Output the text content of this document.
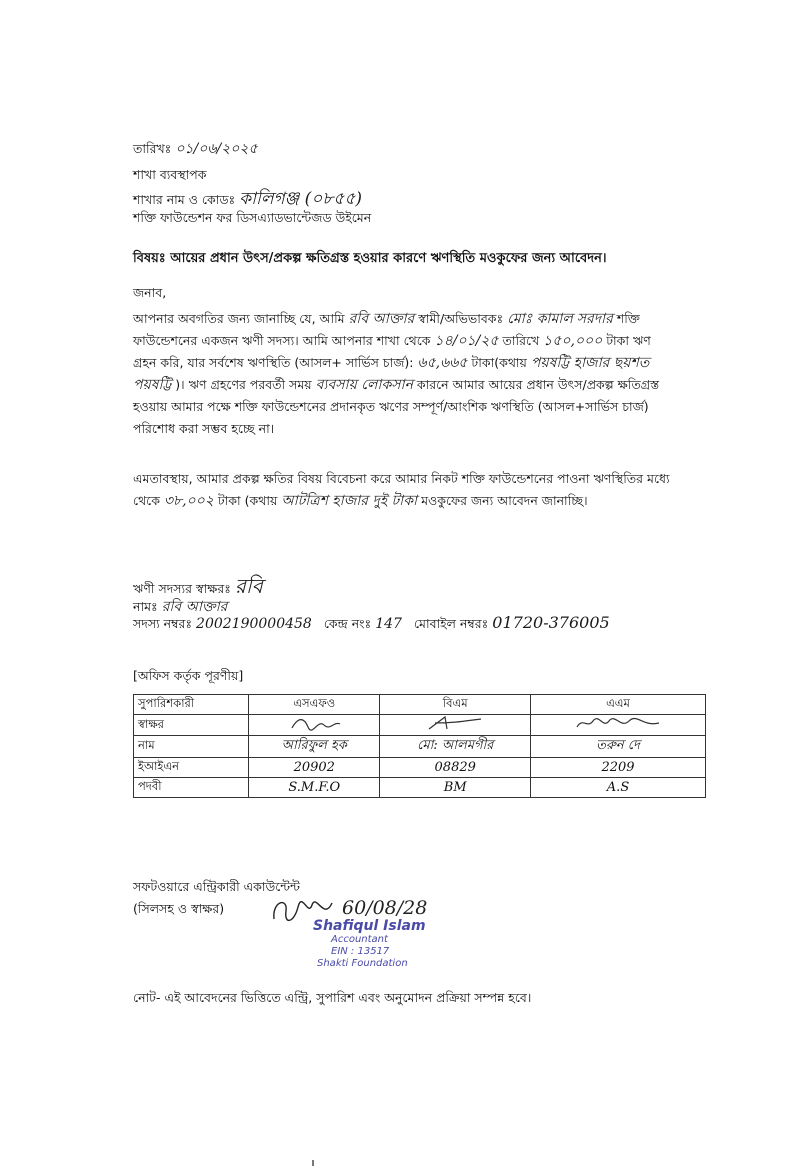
তারিখঃ ০১/০৬/২০২৫
শাখা ব্যবস্থাপক
শাখার নাম ও কোডঃ কালিগঞ্জ (০৮৫৫)
শক্তি ফাউন্ডেশন ফর ডিসএ্যাডভান্টেজড উইমেন
বিষয়ঃ আয়ের প্রধান উৎস/প্রকল্প ক্ষতিগ্রস্ত হওয়ার কারণে ঋণস্থিতি মওকুফের জন্য আবেদন।
জনাব,
আপনার অবগতির জন্য জানাচ্ছি যে, আমি রবি আক্তার স্বামী/অভিভাবকঃ মোঃ কামাল সরদার শক্তি ফাউন্ডেশনের একজন ঋণী সদস্য। আমি আপনার শাখা থেকে ১৪/০১/২৫ তারিখে ১৫০,০০০ টাকা ঋণ গ্রহন করি, যার সর্বশেষ ঋণস্থিতি (আসল+ সার্ভিস চার্জ): ৬৫,৬৬৫ টাকা(কথায় পয়ষট্টি হাজার ছয়শত পয়ষট্টি )। ঋণ গ্রহণের পরবর্তী সময় ব্যবসায় লোকসান কারনে আমার আয়ের প্রধান উৎস/প্রকল্প ক্ষতিগ্রস্ত হওয়ায় আমার পক্ষে শক্তি ফাউন্ডেশনের প্রদানকৃত ঋণের সম্পূর্ণ/আংশিক ঋণস্থিতি (আসল+সার্ভিস চার্জ) পরিশোধ করা সম্ভব হচ্ছে না।
এমতাবস্থায়, আমার প্রকল্প ক্ষতির বিষয় বিবেচনা করে আমার নিকট শক্তি ফাউন্ডেশনের পাওনা ঋণস্থিতির মধ্যে থেকে ৩৮,০০২ টাকা (কথায় আটত্রিশ হাজার দুই টাকা মওকুফের জন্য আবেদন জানাচ্ছি।
ঋণী সদস্যর স্বাক্ষরঃ রবি
নামঃ রবি আক্তার
সদস্য নম্বরঃ 2002190000458 কেন্দ্র নংঃ 147 মোবাইল নম্বরঃ 01720-376005
[অফিস কর্তৃক পূরণীয়]
সুপারিশকারী	এসএফও	বিএম	এএম
স্বাক্ষর			
নাম	আরিফুল হক	মো: আলমগীর	তরুন দে
ইআইএন	20902	08829	2209
পদবী	S.M.F.O	BM	A.S
সফটওয়ারে এন্ট্রিকারী একাউন্টেন্ট
(সিলসহ ও স্বাক্ষর)	60/08/28
Shafiqul Islam
Accountant
EIN : 13517
Shakti Foundation
নোট- এই আবেদনের ভিত্তিতে এন্ট্রি, সুপারিশ এবং অনুমোদন প্রক্রিয়া সম্পন্ন হবে।
